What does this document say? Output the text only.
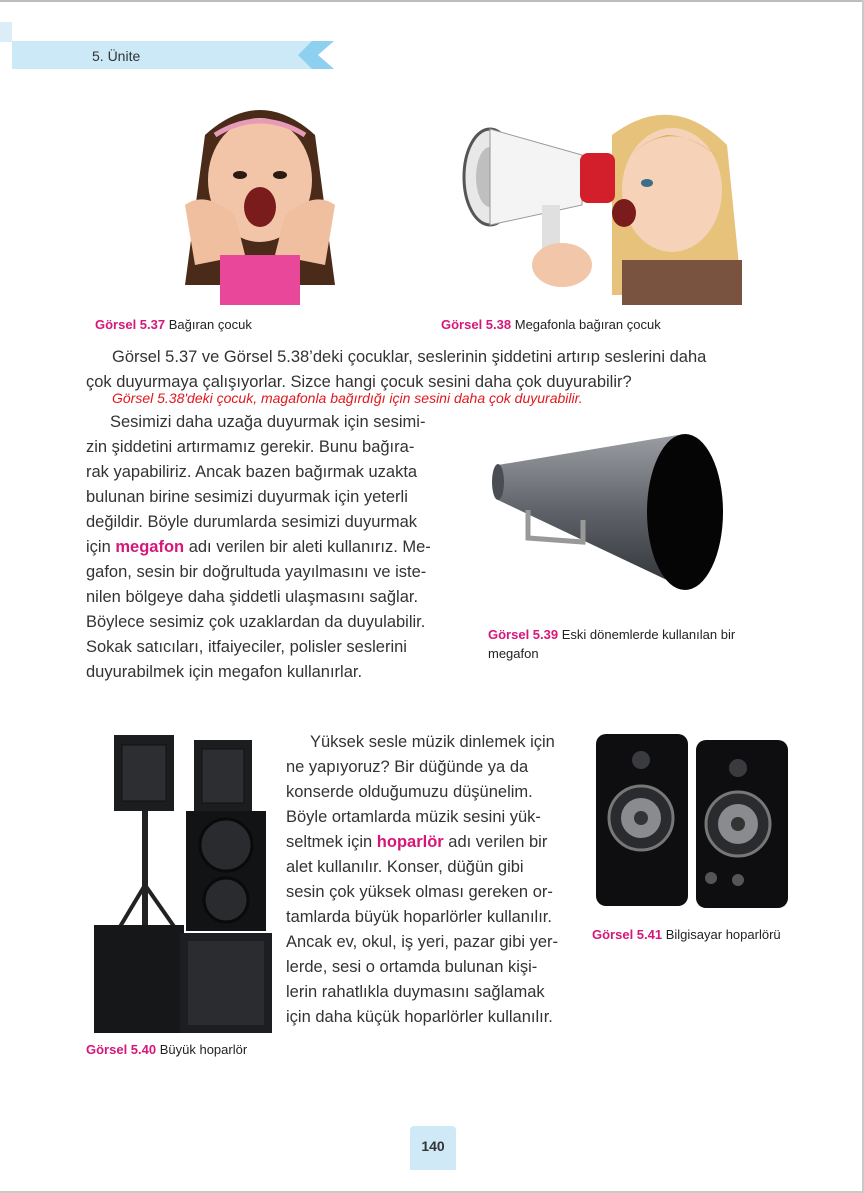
5. Ünite
Görsel 5.37 Bağıran çocuk	Görsel 5.38 Megafonla bağıran çocuk
Görsel 5.37 ve Görsel 5.38’deki çocuklar, seslerinin şiddetini artırıp seslerini daha
çok duyurmaya çalışıyorlar. Sizce hangi çocuk sesini daha çok duyurabilir?
Görsel 5.38'deki çocuk, magafonla bağırdığı için sesini daha çok duyurabilir.
Sesimizi daha uzağa duyurmak için sesimi-
zin şiddetini artırmamız gerekir. Bunu bağıra-
rak yapabiliriz. Ancak bazen bağırmak uzakta
bulunan birine sesimizi duyurmak için yeterli
değildir. Böyle durumlarda sesimizi duyurmak
için megafon adı verilen bir aleti kullanırız. Me-
gafon, sesin bir doğrultuda yayılmasını ve iste-
nilen bölgeye daha şiddetli ulaşmasını sağlar.
Böylece sesimiz çok uzaklardan da duyulabilir.
Sokak satıcıları, itfaiyeciler, polisler seslerini
duyurabilmek için megafon kullanırlar.
Görsel 5.39 Eski dönemlerde kullanılan bir
megafon
Görsel 5.40 Büyük hoparlör
Yüksek sesle müzik dinlemek için
ne yapıyoruz? Bir düğünde ya da
konserde olduğumuzu düşünelim.
Böyle ortamlarda müzik sesini yük-
seltmek için hoparlör adı verilen bir
alet kullanılır. Konser, düğün gibi
sesin çok yüksek olması gereken or-
tamlarda büyük hoparlörler kullanılır.
Ancak ev, okul, iş yeri, pazar gibi yer-
lerde, sesi o ortamda bulunan kişi-
lerin rahatlıkla duymasını sağlamak
için daha küçük hoparlörler kullanılır.
Görsel 5.41 Bilgisayar hoparlörü
140
